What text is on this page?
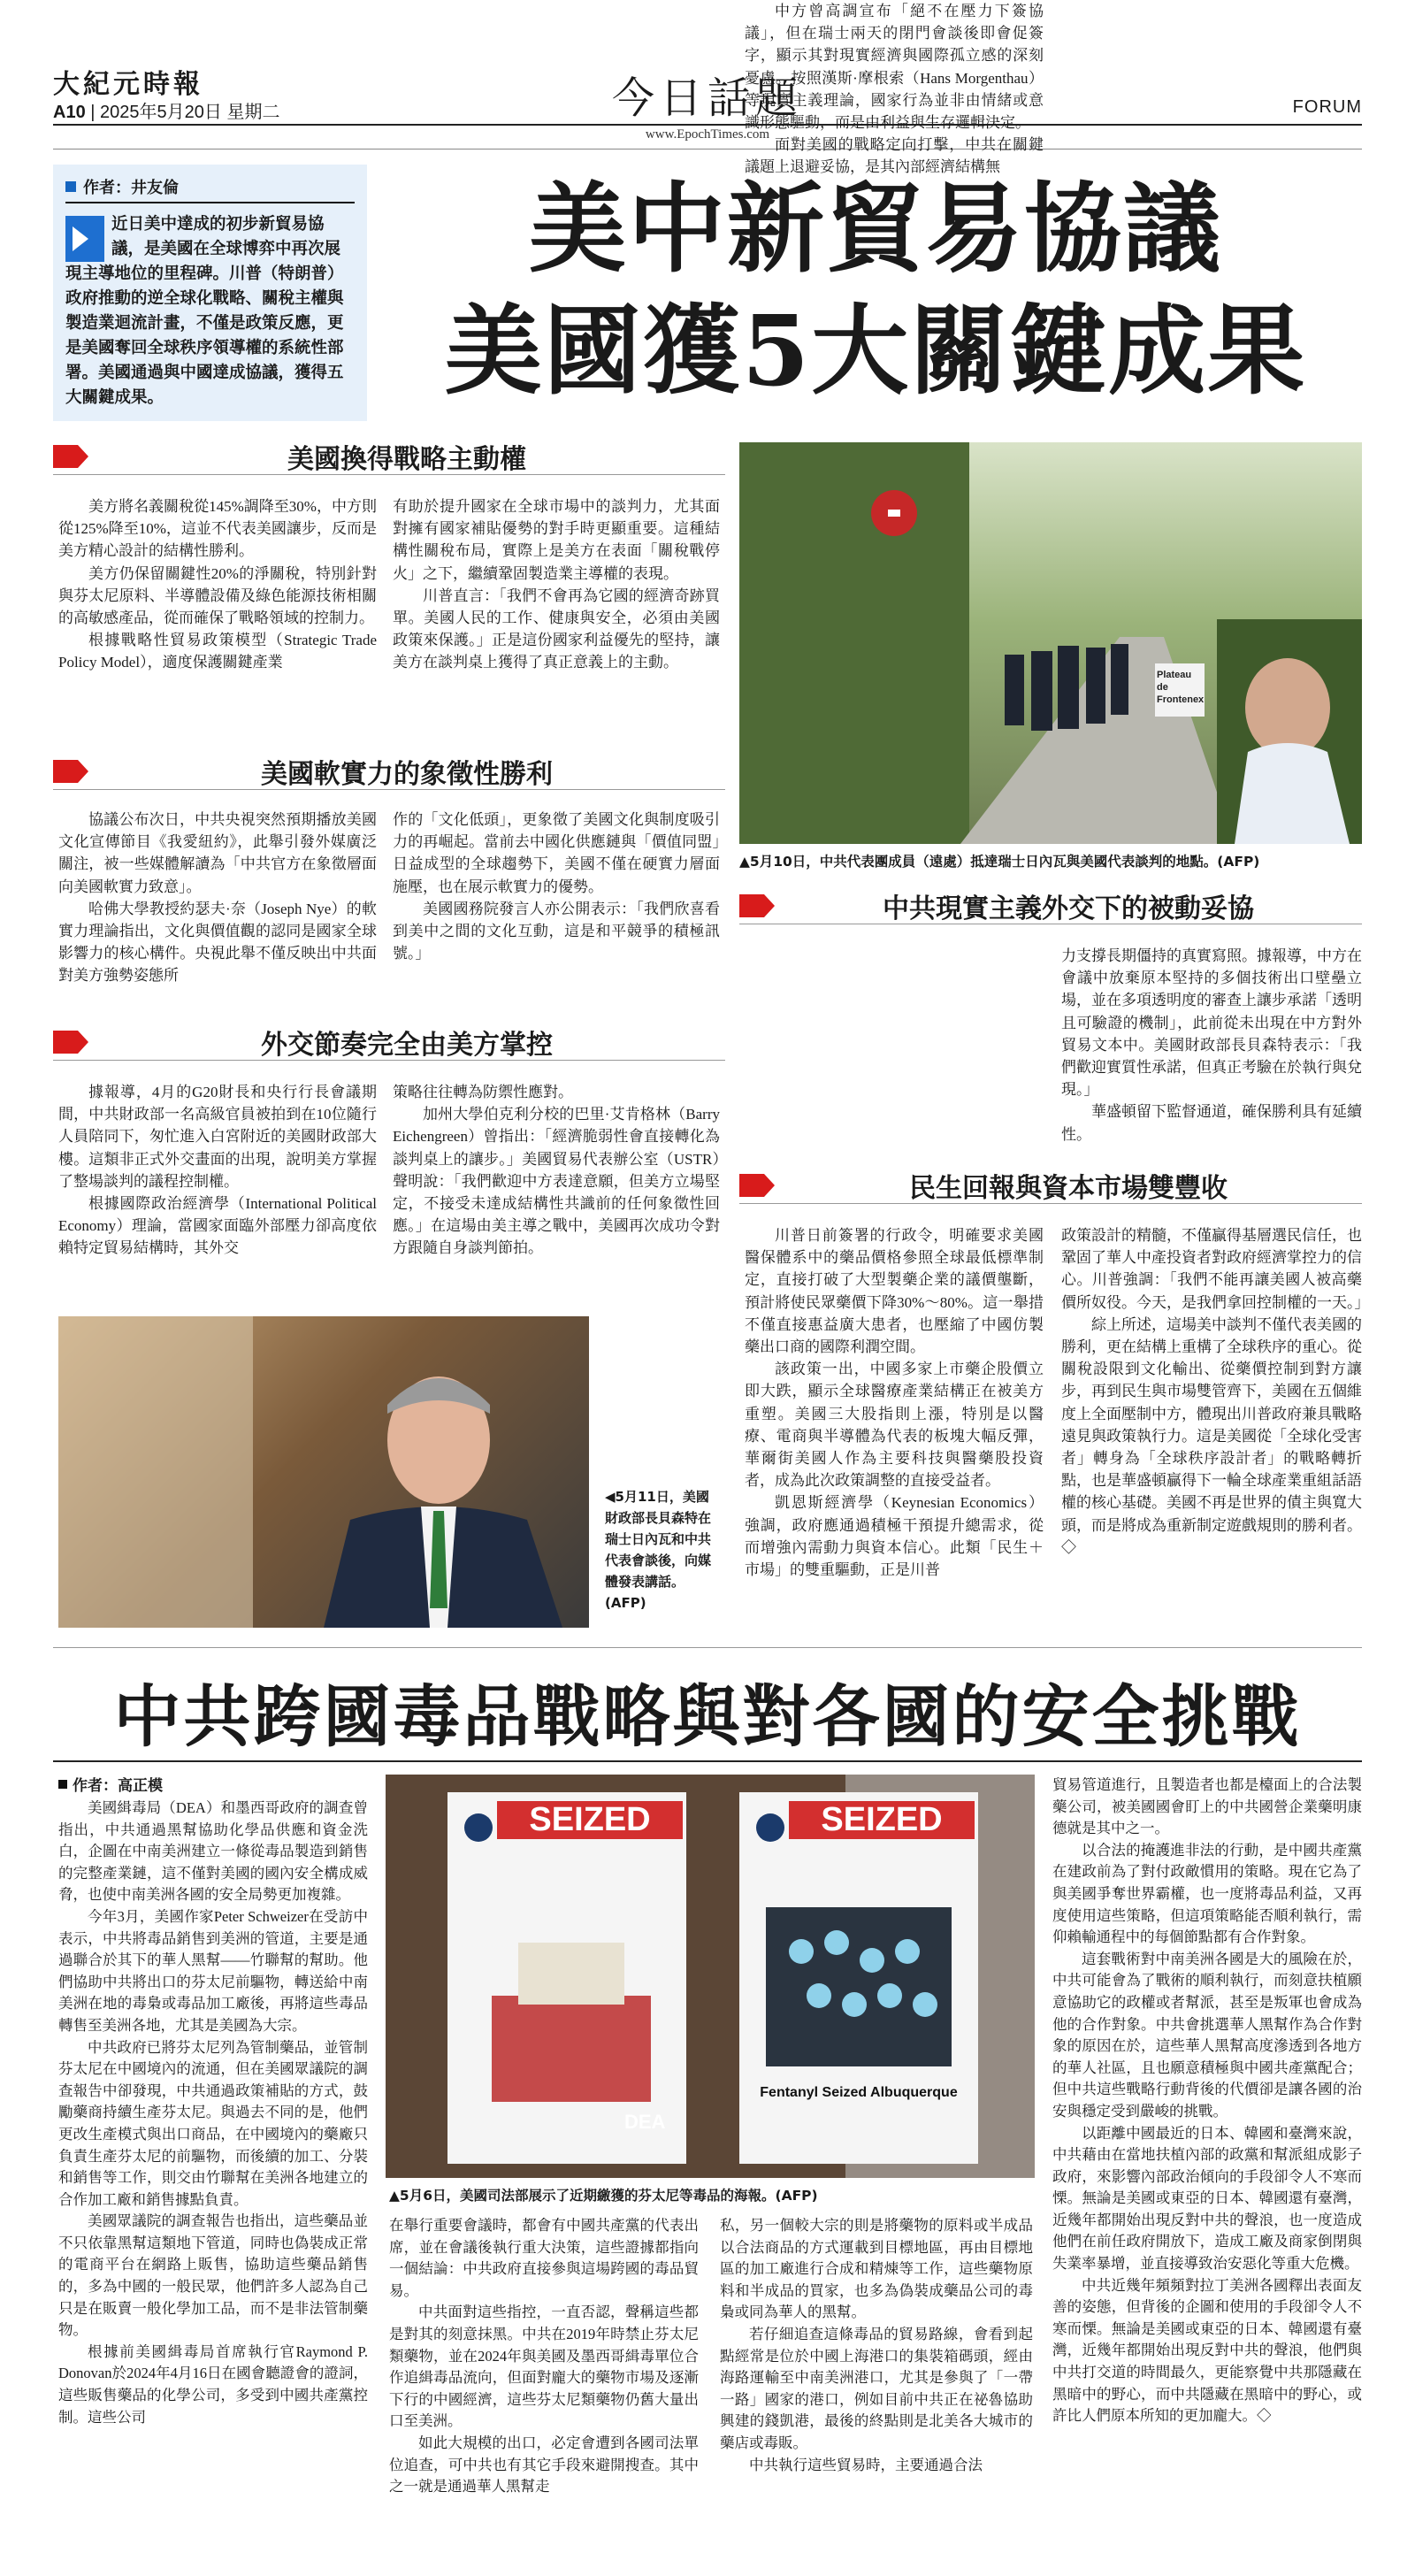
大紀元時報
A10 | 2025年5月20日 星期二	今日話題
www.EpochTimes.com
FORUM
作者：井友倫
近日美中達成的初步新貿易協議，是美國在全球博弈中再次展現主導地位的里程碑。川普（特朗普）政府推動的逆全球化戰略、關稅主權與製造業迴流計畫，不僅是政策反應，更是美國奪回全球秩序領導權的系統性部署。美國通過與中國達成協議，獲得五大關鍵成果。
美中新貿易協議
美國獲5大關鍵成果
美國換得戰略主動權

美方將名義關稅從145%調降至30%，中方則從125%降至10%，這並不代表美國讓步，反而是美方精心設計的結構性勝利。

美方仍保留關鍵性20%的淨關稅，特別針對與芬太尼原料、半導體設備及綠色能源技術相關的高敏感產品，從而確保了戰略領域的控制力。

根據戰略性貿易政策模型（Strategic Trade Policy Model），適度保護關鍵產業

有助於提升國家在全球市場中的談判力，尤其面對擁有國家補貼優勢的對手時更顯重要。這種結構性關稅布局，實際上是美方在表面「關稅戰停火」之下，繼續鞏固製造業主導權的表現。

川普直言：「我們不會再為它國的經濟奇跡買單。美國人民的工作、健康與安全，必須由美國政策來保護。」正是這份國家利益優先的堅持，讓美方在談判桌上獲得了真正意義上的主動。

美國軟實力的象徵性勝利

協議公布次日，中共央視突然預期播放美國文化宣傳節目《我愛紐約》，此舉引發外媒廣泛關注，被一些媒體解讀為「中共官方在象徵層面向美國軟實力致意」。

哈佛大學教授約瑟夫·奈（Joseph Nye）的軟實力理論指出，文化與價值觀的認同是國家全球影響力的核心構件。央視此舉不僅反映出中共面對美方強勢姿態所

作的「文化低頭」，更象徵了美國文化與制度吸引力的再崛起。當前去中國化供應鏈與「價值同盟」日益成型的全球趨勢下，美國不僅在硬實力層面施壓，也在展示軟實力的優勢。

美國國務院發言人亦公開表示：「我們欣喜看到美中之間的文化互動，這是和平競爭的積極訊號。」

外交節奏完全由美方掌控

據報導，4月的G20財長和央行行長會議期間，中共財政部一名高級官員被拍到在10位隨行人員陪同下，匆忙進入白宮附近的美國財政部大樓。這類非正式外交畫面的出現，說明美方掌握了整場談判的議程控制權。

根據國際政治經濟學（International Political Economy）理論，當國家面臨外部壓力卻高度依賴特定貿易結構時，其外交

策略往往轉為防禦性應對。

加州大學伯克利分校的巴里·艾肯格林（Barry Eichengreen）曾指出：「經濟脆弱性會直接轉化為談判桌上的讓步。」美國貿易代表辦公室（USTR）聲明說：「我們歡迎中方表達意願，但美方立場堅定，不接受未達成結構性共識前的任何象徵性回應。」在這場由美主導之戰中，美國再次成功令對方跟隨自身談判節拍。

◀5月11日，美國財政部長貝森特在瑞士日內瓦和中共代表會談後，向媒體發表講話。(AFP)
Plateau de Frontenex
▲5月10日，中共代表團成員（遠處）抵達瑞士日內瓦與美國代表談判的地點。(AFP)
中共現實主義外交下的被動妥協

中方曾高調宣布「絕不在壓力下簽協議」，但在瑞士兩天的閉門會談後即會促簽字，顯示其對現實經濟與國際孤立感的深刻憂慮。按照漢斯·摩根索（Hans Morgenthau）等現實主義理論，國家行為並非由情緒或意識形態驅動，而是由利益與生存邏輯決定。

面對美國的戰略定向打擊，中共在關鍵議題上退避妥協，是其內部經濟結構無

力支撐長期僵持的真實寫照。據報導，中方在會議中放棄原本堅持的多個技術出口壁壘立場，並在多項透明度的審查上讓步承諾「透明且可驗證的機制」，此前從未出現在中方對外貿易文本中。美國財政部長貝森特表示：「我們歡迎實質性承諾，但真正考驗在於執行與兌現。」

華盛頓留下監督通道，確保勝利具有延續性。

民生回報與資本市場雙豐收

川普日前簽署的行政令，明確要求美國醫保體系中的藥品價格參照全球最低標準制定，直接打破了大型製藥企業的議價壟斷，預計將使民眾藥價下降30%～80%。這一舉措不僅直接惠益廣大患者，也壓縮了中國仿製藥出口商的國際利潤空間。

該政策一出，中國多家上市藥企股價立即大跌，顯示全球醫療產業結構正在被美方重塑。美國三大股指則上漲，特別是以醫療、電商與半導體為代表的板塊大幅反彈，華爾街美國人作為主要科技與醫藥股投資者，成為此次政策調整的直接受益者。

凱恩斯經濟學（Keynesian Economics）強調，政府應通過積極干預提升總需求，從而增強內需動力與資本信心。此類「民生＋市場」的雙重驅動，正是川普

政策設計的精髓，不僅贏得基層選民信任，也鞏固了華人中產投資者對政府經濟掌控力的信心。川普強調：「我們不能再讓美國人被高藥價所奴役。今天，是我們拿回控制權的一天。」

綜上所述，這場美中談判不僅代表美國的勝利，更在結構上重構了全球秩序的重心。從關稅設限到文化輸出、從藥價控制到對方讓步，再到民生與市場雙管齊下，美國在五個維度上全面壓制中方，體現出川普政府兼具戰略遠見與政策執行力。這是美國從「全球化受害者」轉身為「全球秩序設計者」的戰略轉折點，也是華盛頓贏得下一輪全球產業重組話語權的核心基礎。美國不再是世界的債主與寬大頭，而是將成為重新制定遊戲規則的勝利者。◇

中共跨國毒品戰略與對各國的安全挑戰
作者：高正模

美國緝毒局（DEA）和墨西哥政府的調查曾指出，中共通過黑幫協助化學品供應和資金洗白，企圖在中南美洲建立一條從毒品製造到銷售的完整產業鏈，這不僅對美國的國內安全構成威脅，也使中南美洲各國的安全局勢更加複雜。

今年3月，美國作家Peter Schweizer在受訪中表示，中共將毒品銷售到美洲的管道，主要是通過聯合於其下的華人黑幫——竹聯幫的幫助。他們協助中共將出口的芬太尼前驅物，轉送給中南美洲在地的毒梟或毒品加工廠後，再將這些毒品轉售至美洲各地，尤其是美國為大宗。

中共政府已將芬太尼列為管制藥品，並管制芬太尼在中國境內的流通，但在美國眾議院的調查報告中卻發現，中共通過政策補貼的方式，鼓勵藥商持續生產芬太尼。與過去不同的是，他們更改生產模式與出口商品，在中國境內的藥廠只負責生產芬太尼的前驅物，而後續的加工、分裝和銷售等工作，則交由竹聯幫在美洲各地建立的合作加工廠和銷售據點負責。

美國眾議院的調查報告也指出，這些藥品並不只依靠黑幫這類地下管道，同時也偽裝成正常的電商平台在網路上販售，協助這些藥品銷售的，多為中國的一般民眾，他們許多人認為自己只是在販賣一般化學加工品，而不是非法管制藥物。

根據前美國緝毒局首席執行官Raymond P. Donovan於2024年4月16日在國會聽證會的證詞，這些販售藥品的化學公司，多受到中國共產黨控制。這些公司

SEIZED	SEIZED
DEA
Fentanyl Seized Albuquerque
▲5月6日，美國司法部展示了近期繳獲的芬太尼等毒品的海報。(AFP)

在舉行重要會議時，都會有中國共產黨的代表出席，並在會議後執行重大決策，這些證據都指向一個結論：中共政府直接參與這場跨國的毒品貿易。

中共面對這些指控，一直否認，聲稱這些都是對其的刻意抹黑。中共在2019年時禁止芬太尼類藥物，並在2024年與美國及墨西哥緝毒單位合作追緝毒品流向，但面對龐大的藥物市場及逐漸下行的中國經濟，這些芬太尼類藥物仍舊大量出口至美洲。

如此大規模的出口，必定會遭到各國司法單位追查，可中共也有其它手段來避開搜查。其中之一就是通過華人黑幫走

私，另一個較大宗的則是將藥物的原料或半成品以合法商品的方式運載到目標地區，再由目標地區的加工廠進行合成和精煉等工作，這些藥物原料和半成品的買家，也多為偽裝成藥品公司的毒梟或同為華人的黑幫。

若仔細追查這條毒品的貿易路線，會看到起點經常是位於中國上海港口的集裝箱碼頭，經由海路運輸至中南美洲港口，尤其是參與了「一帶一路」國家的港口，例如目前中共正在祕魯協助興建的錢凱港，最後的終點則是北美各大城市的藥店或毒販。

中共執行這些貿易時，主要通過合法

貿易管道進行，且製造者也都是檯面上的合法製藥公司，被美國國會盯上的中共國營企業藥明康德就是其中之一。

以合法的掩護進非法的行動，是中國共產黨在建政前為了對付政敵慣用的策略。現在它為了與美國爭奪世界霸權，也一度將毒品利益，又再度使用這些策略，但這項策略能否順利執行，需仰賴輸通程中的每個節點都有合作對象。

這套戰術對中南美洲各國是大的風險在於，中共可能會為了戰術的順利執行，而刻意扶植願意協助它的政權或者幫派，甚至是叛軍也會成為他的合作對象。中共會挑選華人黑幫作為合作對象的原因在於，這些華人黑幫高度滲透到各地方的華人社區，且也願意積極與中國共產黨配合；但中共這些戰略行動背後的代價卻是讓各國的治安與穩定受到嚴峻的挑戰。

以距離中國最近的日本、韓國和臺灣來說，中共藉由在當地扶植內部的政黨和幫派組成影子政府，來影響內部政治傾向的手段卻令人不寒而慄。無論是美國或東亞的日本、韓國還有臺灣，近幾年都開始出現反對中共的聲浪，也一度造成他們在前任政府開放下，造成工廠及商家倒閉與失業率暴增，並直接導致治安惡化等重大危機。

中共近幾年頻頻對拉丁美洲各國釋出表面友善的姿態，但背後的企圖和使用的手段卻令人不寒而慄。無論是美國或東亞的日本、韓國還有臺灣，近幾年都開始出現反對中共的聲浪，他們與中共打交道的時間最久，更能察覺中共那隱藏在黑暗中的野心，而中共隱藏在黑暗中的野心，或許比人們原本所知的更加龐大。◇
